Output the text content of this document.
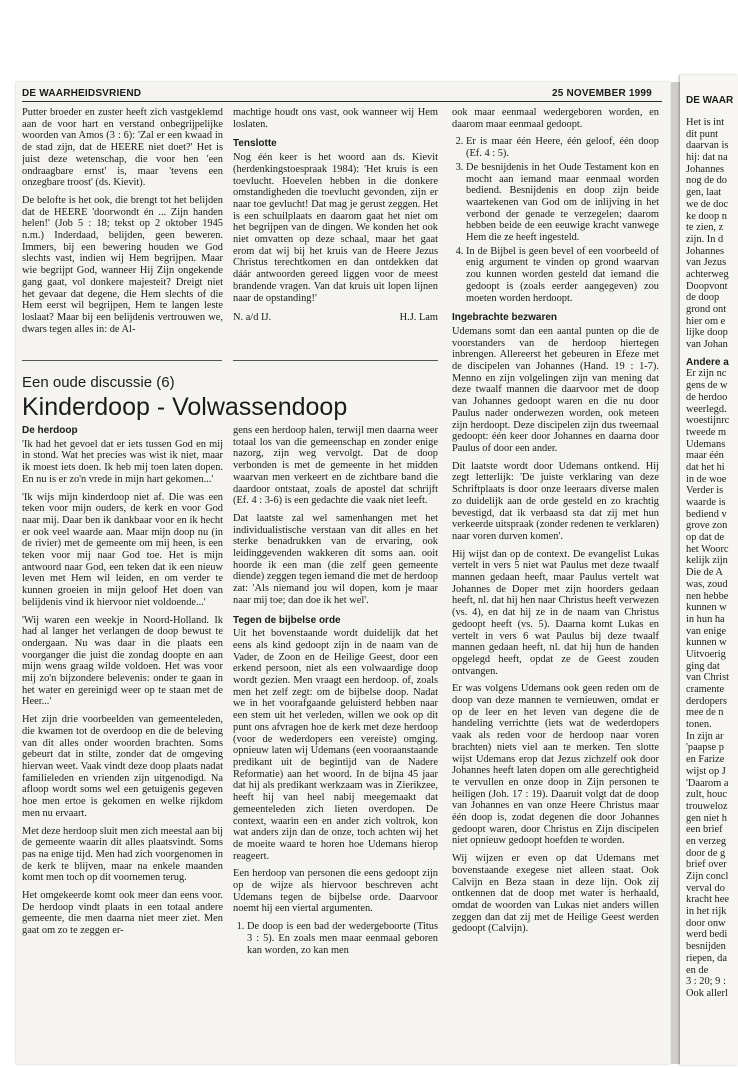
DE WAAR
Het is int
dit punt
daarvan is
hij: dat na
Johannes
nog de do
gen, laat
we de doc
ke doop n
te zien, z
zijn. In d
Johannes
van Jezus
achterweg
Doopvont
de doop
grond ont
hier om e
lijke doop
van Johan
Andere a
Er zijn nc
gens de w
de herdoo
weerlegd.
woestijnrc
tweede m
Udemans
maar één
dat het hi
in de woe
Verder is
waarde is
bediend v
grove zon
op dat de
het Woorc
kelijk zijn
Die de A
was, zoud
nen hebbe
kunnen w
in hun ha
van enige
kunnen w
Uitvoerig
ging dat
van Christ
cramente
derdopers
mee de n
tonen.
In zijn ar
'paapse p
en Farize
wijst op J
'Daarom a
zult, houc
trouweloz
gen niet h
een brief
en verzeg
door de g
brief over
Zijn concl
verval do
kracht hee
in het rijk
door onw
werd bedi
besnijden
riepen, da
en de
3 : 20; 9 :
Ook allerl
DE WAARHEIDSVRIEND	25 NOVEMBER 1999

Putter broeder en zuster heeft zich vastgeklemd aan de voor hart en verstand onbegrijpelijke woorden van Amos (3 : 6): 'Zal er een kwaad in de stad zijn, dat de HEERE niet doet?' Het is juist deze wetenschap, die voor hen 'een ondraagbare ernst' is, maar 'tevens een onzegbare troost' (ds. Kievit).

De belofte is het ook, die brengt tot het belijden dat de HEERE 'doorwondt én ... Zijn handen helen!' (Job 5 : 18; tekst op 2 oktober 1945 n.m.) Inderdaad, belijden, geen beweren. Immers, bij een bewering houden we God slechts vast, indien wij Hem begrijpen. Maar wie begrijpt God, wanneer Hij Zijn ongekende gang gaat, vol donkere majesteit? Dreigt niet het gevaar dat degene, die Hem slechts of die Hem eerst wil begrijpen, Hem te langen leste loslaat? Maar bij een belijdenis vertrouwen we, dwars tegen alles in: de Al-

machtige houdt ons vast, ook wanneer wij Hem loslaten.

Tenslotte

Nog één keer is het woord aan ds. Kievit (herdenkingstoespraak 1984): 'Het kruis is een toevlucht. Hoevelen hebben in die donkere omstandigheden die toevlucht gevonden, zijn er naar toe gevlucht! Dat mag je gerust zeggen. Het is een schuilplaats en daarom gaat het niet om het begrijpen van de dingen. We konden het ook niet omvatten op deze schaal, maar het gaat erom dat wij bij het kruis van de Heere Jezus Christus terechtkomen en dan ontdekken dat dáár antwoorden gereed liggen voor de meest brandende vragen. Van dat kruis uit lopen lijnen naar de opstanding!'

N. a/d IJ.	H.J. Lam
Een oude discussie (6)
Kinderdoop - Volwassendoop
De herdoop

'Ik had het gevoel dat er iets tussen God en mij in stond. Wat het precies was wist ik niet, maar ik moest iets doen. Ik heb mij toen laten dopen. En nu is er zo'n vrede in mijn hart gekomen...'

'Ik wijs mijn kinderdoop niet af. Die was een teken voor mijn ouders, de kerk en voor God naar mij. Daar ben ik dankbaar voor en ik hecht er ook veel waarde aan. Maar mijn doop nu (in de rivier) met de gemeente om mij heen, is een teken voor mij naar God toe. Het is mijn antwoord naar God, een teken dat ik een nieuw leven met Hem wil leiden, en om verder te kunnen groeien in mijn geloof Het doen van belijdenis vind ik hiervoor niet voldoende...'

'Wij waren een weekje in Noord-Holland. Ik had al langer het verlangen de doop bewust te ondergaan. Nu was daar in die plaats een voorganger die juist die zondag doopte en aan mijn wens graag wilde voldoen. Het was voor mij zo'n bijzondere belevenis: onder te gaan in het water en gereinigd weer op te staan met de Heer...'

Het zijn drie voorbeelden van gemeenteleden, die kwamen tot de overdoop en die de beleving van dit alles onder woorden brachten. Soms gebeurt dat in stilte, zonder dat de omgeving hiervan weet. Vaak vindt deze doop plaats nadat familieleden en vrienden zijn uitgenodigd. Na afloop wordt soms wel een getuigenis gegeven hoe men ertoe is gekomen en welke rijkdom men nu ervaart.

Met deze herdoop sluit men zich meestal aan bij de gemeente waarin dit alles plaatsvindt. Soms pas na enige tijd. Men had zich voorgenomen in de kerk te blijven, maar na enkele maanden komt men toch op dit voornemen terug.

Het omgekeerde komt ook meer dan eens voor. De herdoop vindt plaats in een totaal andere gemeente, die men daarna niet meer ziet. Men gaat om zo te zeggen er-

gens een herdoop halen, terwijl men daarna weer totaal los van die gemeenschap en zonder enige nazorg, zijn weg vervolgt. Dat de doop verbonden is met de gemeente in het midden waarvan men verkeert en de zichtbare band die daardoor ontstaat, zoals de apostel dat schrijft (Ef. 4 : 3-6) is een gedachte die vaak niet leeft.

Dat laatste zal wel samenhangen met het individualistische verstaan van dit alles en het sterke benadrukken van de ervaring, ook leidinggevenden wakkeren dit soms aan. ooit hoorde ik een man (die zelf geen gemeente diende) zeggen tegen iemand die met de herdoop zat: 'Als niemand jou wil dopen, kom je maar naar mij toe; dan doe ik het wel'.

Tegen de bijbelse orde

Uit het bovenstaande wordt duidelijk dat het eens als kind gedoopt zijn in de naam van de Vader, de Zoon en de Heilige Geest, door een erkend persoon, niet als een volwaardige doop wordt gezien. Men vraagt een herdoop. of, zoals men het zelf zegt: om de bijbelse doop. Nadat we in het voorafgaande geluisterd hebben naar een stem uit het verleden, willen we ook op dit punt ons afvragen hoe de kerk met deze herdoop (voor de wederdopers een vereiste) omging. opnieuw laten wij Udemans (een vooraanstaande predikant uit de begintijd van de Nadere Reformatie) aan het woord. In de bijna 45 jaar dat hij als predikant werkzaam was in Zierikzee, heeft hij van heel nabij meegemaakt dat gemeenteleden zich lieten overdopen. De context, waarin een en ander zich voltrok, kon wat anders zijn dan de onze, toch achten wij het de moeite waard te horen hoe Udemans hierop reageert.

Een herdoop van personen die eens gedoopt zijn op de wijze als hiervoor beschreven acht Udemans tegen de bijbelse orde. Daarvoor noemt hij een viertal argumenten.

1. De doop is een bad der wedergeboorte (Titus 3 : 5). En zoals men maar eenmaal geboren kan worden, zo kan men

ook maar eenmaal wedergeboren worden, en daarom maar eenmaal gedoopt.

2. Er is maar één Heere, één geloof, één doop (Ef. 4 : 5).
3. De besnijdenis in het Oude Testament kon en mocht aan iemand maar eenmaal worden bediend. Besnijdenis en doop zijn beide waartekenen van God om de inlijving in het verbond der genade te verzegelen; daarom hebben beide de een eeuwige kracht vanwege Hem die ze heeft ingesteld.
4. In de Bijbel is geen bevel of een voorbeeld of enig argument te vinden op grond waarvan zou kunnen worden gesteld dat iemand die gedoopt is (zoals eerder aangegeven) zou moeten worden herdoopt.
Ingebrachte bezwaren

Udemans somt dan een aantal punten op die de voorstanders van de herdoop hiertegen inbrengen. Allereerst het gebeuren in Efeze met de discipelen van Johannes (Hand. 19 : 1-7). Menno en zijn volgelingen zijn van mening dat deze twaalf mannen die daarvoor met de doop van Johannes gedoopt waren en die nu door Paulus nader onderwezen worden, ook meteen zijn herdoopt. Deze discipelen zijn dus tweemaal gedoopt: één keer door Johannes en daarna door Paulus of door een ander.

Dit laatste wordt door Udemans ontkend. Hij zegt letterlijk: 'De juiste verklaring van deze Schriftplaats is door onze leeraars diverse malen zo duidelijk aan de orde gesteld en zo krachtig bevestigd, dat ik verbaasd sta dat zij met hun verkeerde uitspraak (zonder redenen te verklaren) naar voren durven komen'.

Hij wijst dan op de context. De evangelist Lukas vertelt in vers 5 niet wat Paulus met deze twaalf mannen gedaan heeft, maar Paulus vertelt wat Johannes de Doper met zijn hoorders gedaan heeft, nl. dat hij hen naar Christus heeft verwezen (vs. 4), en dat hij ze in de naam van Christus gedoopt heeft (vs. 5). Daarna komt Lukas en vertelt in vers 6 wat Paulus bij deze twaalf mannen gedaan heeft, nl. dat hij hun de handen opgelegd heeft, opdat ze de Geest zouden ontvangen.

Er was volgens Udemans ook geen reden om de doop van deze mannen te vernieuwen, omdat er op de leer en het leven van degene die de handeling verrichtte (iets wat de wederdopers vaak als reden voor de herdoop naar voren brachten) niets viel aan te merken. Ten slotte wijst Udemans erop dat Jezus zichzelf ook door Johannes heeft laten dopen om alle gerechtigheid te vervullen en onze doop in Zijn personen te heiligen (Joh. 17 : 19). Daaruit volgt dat de doop van Johannes en van onze Heere Christus maar één doop is, zodat degenen die door Johannes gedoopt waren, door Christus en Zijn discipelen niet opnieuw gedoopt hoefden te worden.

Wij wijzen er even op dat Udemans met bovenstaande exegese niet alleen staat. Ook Calvijn en Beza staan in deze lijn. Ook zij ontkennen dat de doop met water is herhaald, omdat de woorden van Lukas niet anders willen zeggen dan dat zij met de Heilige Geest werden gedoopt (Calvijn).
